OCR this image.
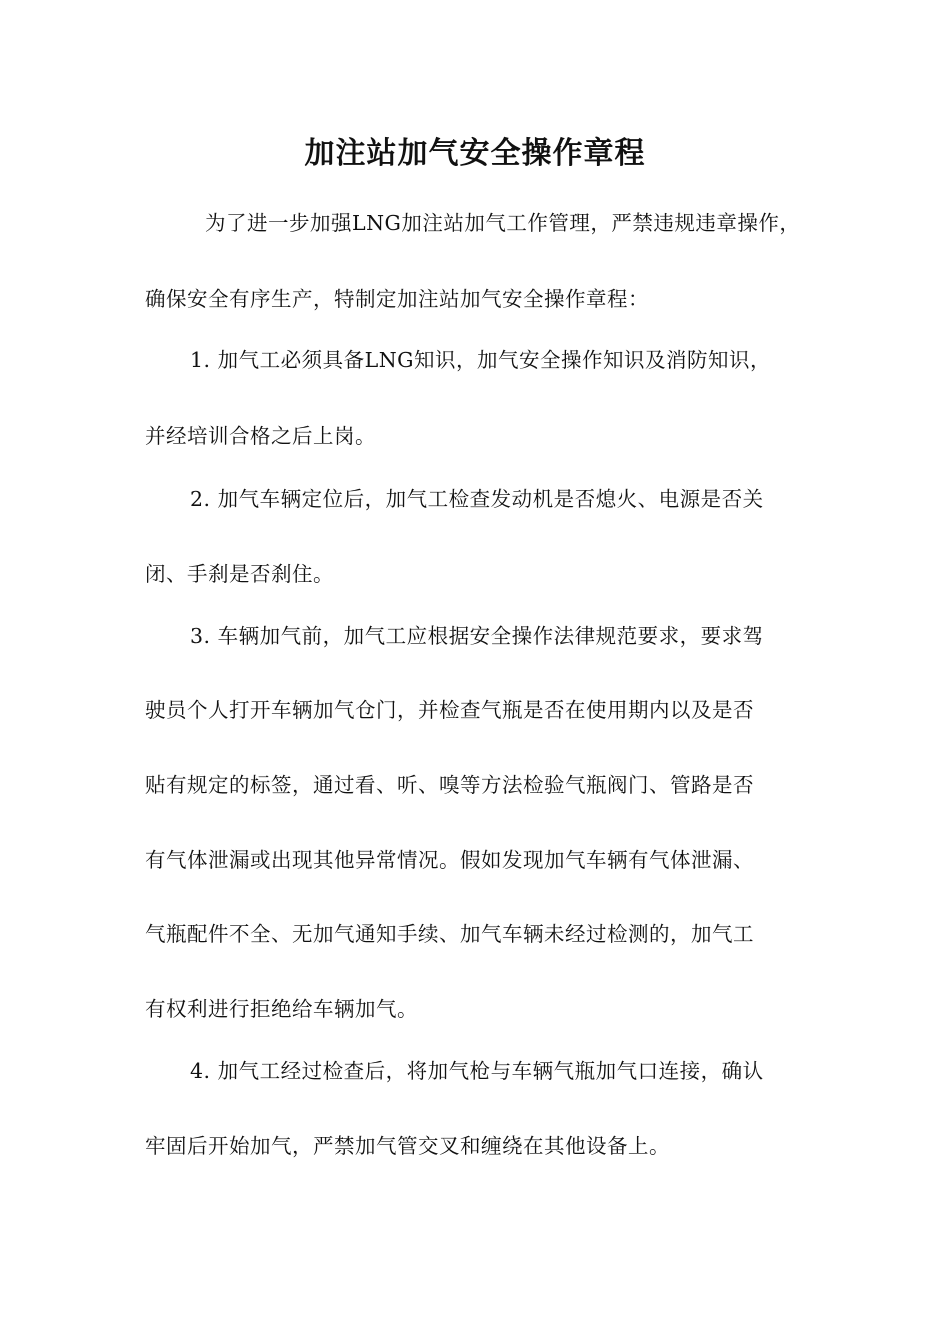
加注站加气安全操作章程
为了进一步加强LNG加注站加气工作管理，严禁违规违章操作，
确保安全有序生产，特制定加注站加气安全操作章程：
1. 加气工必须具备LNG知识，加气安全操作知识及消防知识，
并经培训合格之后上岗。
2. 加气车辆定位后，加气工检查发动机是否熄火、电源是否关
闭、手刹是否刹住。
3. 车辆加气前，加气工应根据安全操作法律规范要求，要求驾
驶员个人打开车辆加气仓门，并检查气瓶是否在使用期内以及是否
贴有规定的标签，通过看、听、嗅等方法检验气瓶阀门、管路是否
有气体泄漏或出现其他异常情况。假如发现加气车辆有气体泄漏、
气瓶配件不全、无加气通知手续、加气车辆未经过检测的，加气工
有权利进行拒绝给车辆加气。
4. 加气工经过检查后，将加气枪与车辆气瓶加气口连接，确认
牢固后开始加气，严禁加气管交叉和缠绕在其他设备上。
